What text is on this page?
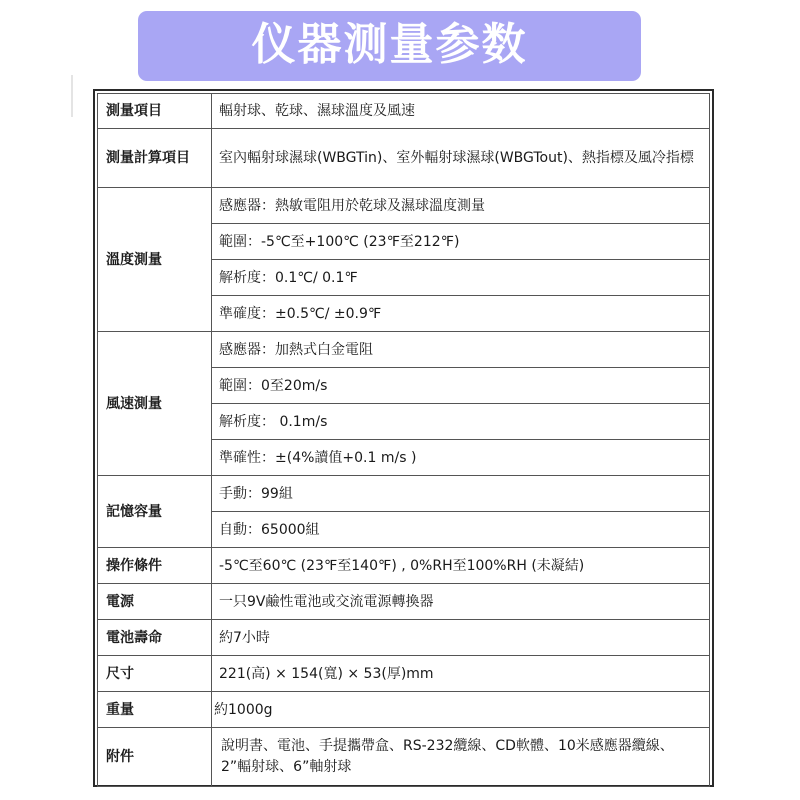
仪器测量参数
測量項目	輻射球、乾球、濕球溫度及風速
測量計算項目	室內輻射球濕球(WBGTin)、室外輻射球濕球(WBGTout)、熱指標及風冷指標
溫度測量	感應器：熱敏電阻用於乾球及濕球溫度測量
	範圍：-5℃至+100℃ (23℉至212℉)
	解析度：0.1℃/ 0.1℉
	準確度：±0.5℃/ ±0.9℉
風速測量	感應器：加熱式白金電阻
	範圍：0至20m/s
	解析度： 0.1m/s
	準確性：±(4%讀值+0.1 m/s )
記憶容量	手動：99組
	自動：65000組
操作條件	-5℃至60℃ (23℉至140℉) , 0%RH至100%RH (未凝結)
電源	一只9V鹼性電池或交流電源轉換器
電池壽命	約7小時
尺寸	221(高) × 154(寬) × 53(厚)mm
重量	約1000g
附件	說明書、電池、手提攜帶盒、RS-232纜線、CD軟體、10米感應器纜線、2”輻射球、6”軸射球
